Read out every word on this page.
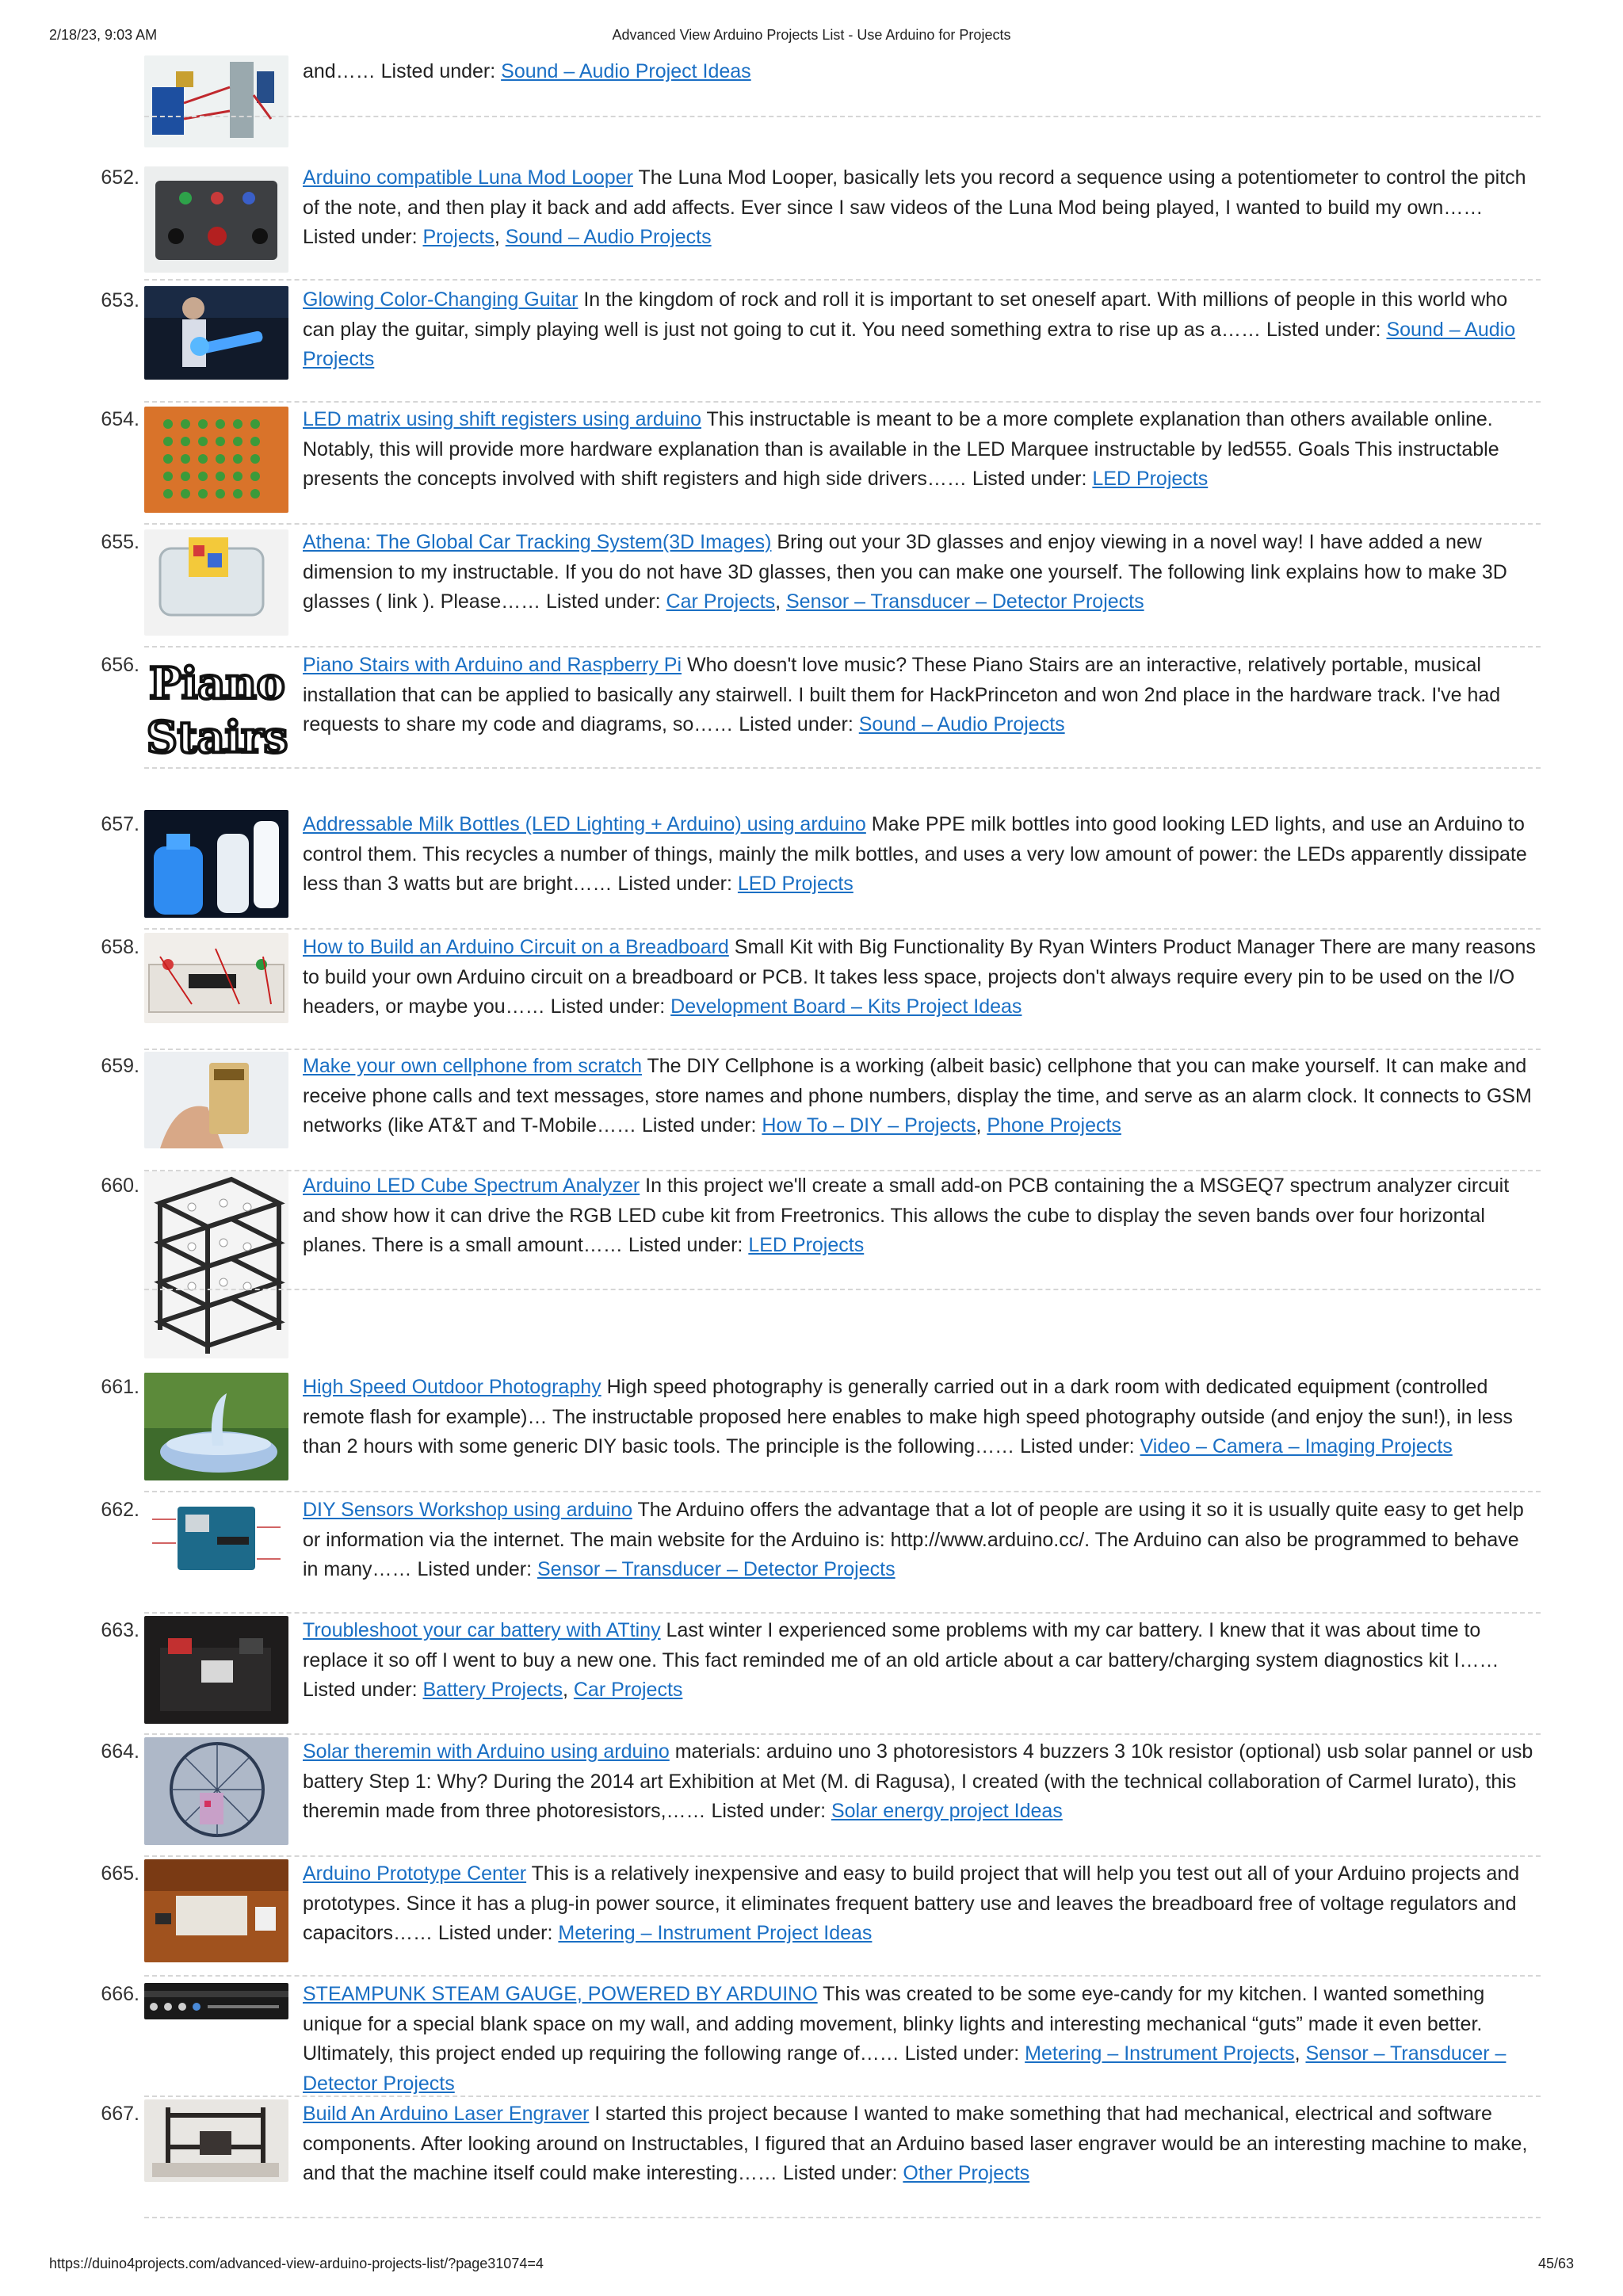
2/18/23, 9:03 AM	Advanced View Arduino Projects List - Use Arduino for Projects
and…… Listed under: Sound – Audio Project Ideas
652.	Arduino compatible Luna Mod Looper The Luna Mod Looper, basically lets you record a sequence using a potentiometer to control the pitch of the note, and then play it back and add affects. Ever since I saw videos of the Luna Mod being played, I wanted to build my own…… Listed under: Projects, Sound – Audio Projects
653.	Glowing Color-Changing Guitar In the kingdom of rock and roll it is important to set oneself apart. With millions of people in this world who can play the guitar, simply playing well is just not going to cut it. You need something extra to rise up as a…… Listed under: Sound – Audio Projects
654.	LED matrix using shift registers using arduino This instructable is meant to be a more complete explanation than others available online. Notably, this will provide more hardware explanation than is available in the LED Marquee instructable by led555. Goals This instructable presents the concepts involved with shift registers and high side drivers…… Listed under: LED Projects
655.	Athena: The Global Car Tracking System(3D Images) Bring out your 3D glasses and enjoy viewing in a novel way! I have added a new dimension to my instructable. If you do not have 3D glasses, then you can make one yourself. The following link explains how to make 3D glasses ( link ). Please…… Listed under: Car Projects, Sensor – Transducer – Detector Projects
656. Piano
Stairs
Piano Stairs with Arduino and Raspberry Pi Who doesn't love music? These Piano Stairs are an interactive, relatively portable, musical installation that can be applied to basically any stairwell. I built them for HackPrinceton and won 2nd place in the hardware track. I've had requests to share my code and diagrams, so…… Listed under: Sound – Audio Projects
657.	Addressable Milk Bottles (LED Lighting + Arduino) using arduino Make PPE milk bottles into good looking LED lights, and use an Arduino to control them. This recycles a number of things, mainly the milk bottles, and uses a very low amount of power: the LEDs apparently dissipate less than 3 watts but are bright…… Listed under: LED Projects
658.	How to Build an Arduino Circuit on a Breadboard Small Kit with Big Functionality By Ryan Winters Product Manager There are many reasons to build your own Arduino circuit on a breadboard or PCB. It takes less space, projects don't always require every pin to be used on the I/O headers, or maybe you…… Listed under: Development Board – Kits Project Ideas
659.	Make your own cellphone from scratch The DIY Cellphone is a working (albeit basic) cellphone that you can make yourself. It can make and receive phone calls and text messages, store names and phone numbers, display the time, and serve as an alarm clock. It connects to GSM networks (like AT&T and T-Mobile…… Listed under: How To – DIY – Projects, Phone Projects
660.	Arduino LED Cube Spectrum Analyzer In this project we'll create a small add-on PCB containing the a MSGEQ7 spectrum analyzer circuit and show how it can drive the RGB LED cube kit from Freetronics. This allows the cube to display the seven bands over four horizontal planes. There is a small amount…… Listed under: LED Projects
661.	High Speed Outdoor Photography High speed photography is generally carried out in a dark room with dedicated equipment (controlled remote flash for example)… The instructable proposed here enables to make high speed photography outside (and enjoy the sun!), in less than 2 hours with some generic DIY basic tools. The principle is the following…… Listed under: Video – Camera – Imaging Projects
662.	DIY Sensors Workshop using arduino The Arduino offers the advantage that a lot of people are using it so it is usually quite easy to get help or information via the internet. The main website for the Arduino is: http://www.arduino.cc/. The Arduino can also be programmed to behave in many…… Listed under: Sensor – Transducer – Detector Projects
663.	Troubleshoot your car battery with ATtiny Last winter I experienced some problems with my car battery. I knew that it was about time to replace it so off I went to buy a new one. This fact reminded me of an old article about a car battery/charging system diagnostics kit I…… Listed under: Battery Projects, Car Projects
664.	Solar theremin with Arduino using arduino materials: arduino uno 3 photoresistors 4 buzzers 3 10k resistor (optional) usb solar pannel or usb battery Step 1: Why? During the 2014 art Exhibition at Met (M. di Ragusa), I created (with the technical collaboration of Carmel Iurato), this theremin made from three photoresistors,…… Listed under: Solar energy project Ideas
665.	Arduino Prototype Center This is a relatively inexpensive and easy to build project that will help you test out all of your Arduino projects and prototypes. Since it has a plug-in power source, it eliminates frequent battery use and leaves the breadboard free of voltage regulators and capacitors…… Listed under: Metering – Instrument Project Ideas
666.	STEAMPUNK STEAM GAUGE, POWERED BY ARDUINO This was created to be some eye-candy for my kitchen. I wanted something unique for a special blank space on my wall, and adding movement, blinky lights and interesting mechanical “guts” made it even better. Ultimately, this project ended up requiring the following range of…… Listed under: Metering – Instrument Projects, Sensor – Transducer – Detector Projects
667.	Build An Arduino Laser Engraver I started this project because I wanted to make something that had mechanical, electrical and software components. After looking around on Instructables, I figured that an Arduino based laser engraver would be an interesting machine to make, and that the machine itself could make interesting…… Listed under: Other Projects
https://duino4projects.com/advanced-view-arduino-projects-list/?page31074=4	45/63
